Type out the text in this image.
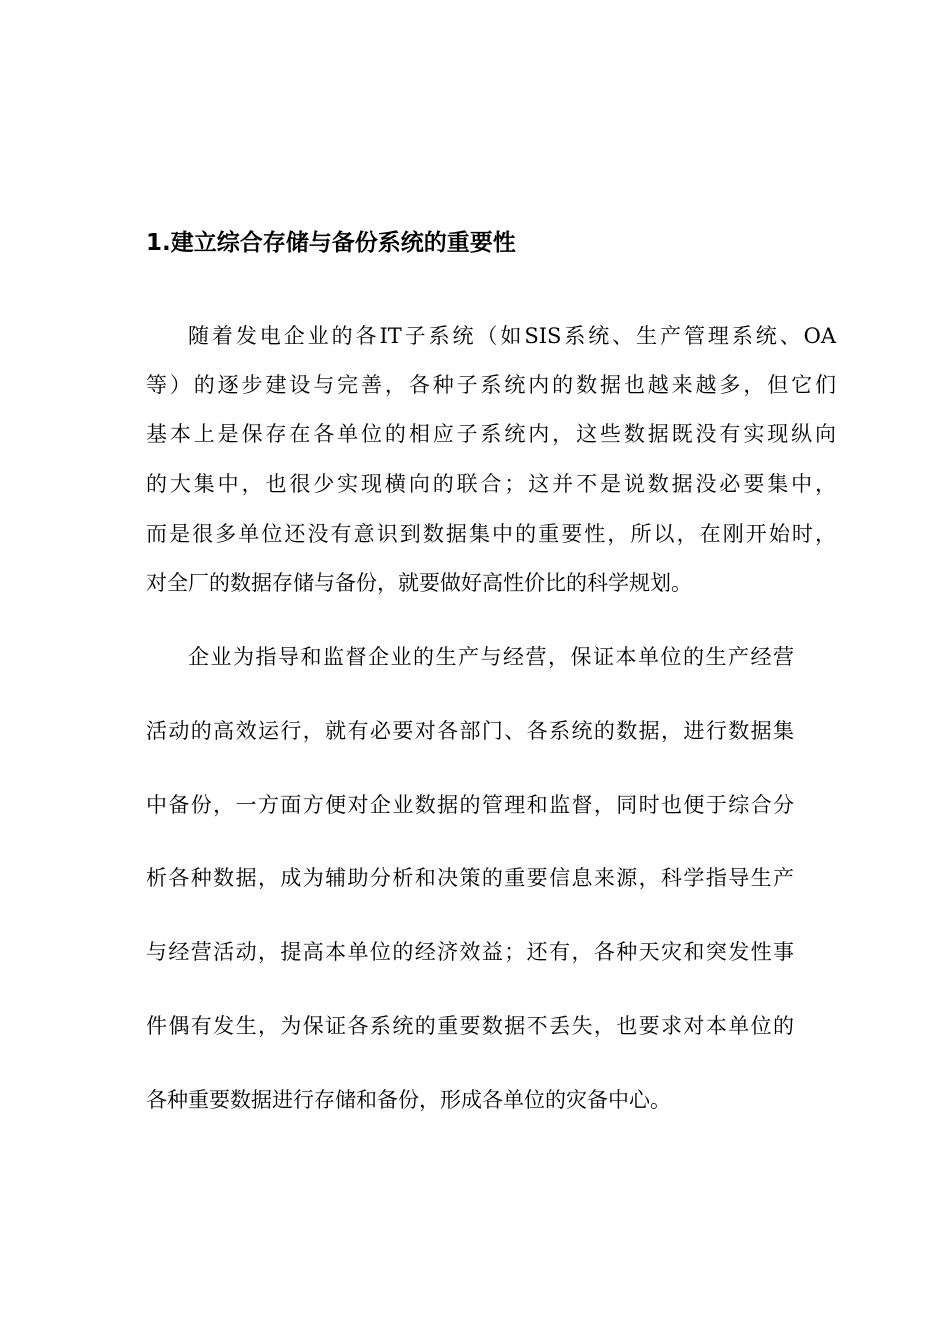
1.建立综合存储与备份系统的重要性
随着发电企业的各IT子系统（如SIS系统、生产管理系统、OA
等）的逐步建设与完善，各种子系统内的数据也越来越多，但它们
基本上是保存在各单位的相应子系统内，这些数据既没有实现纵向
的大集中，也很少实现横向的联合；这并不是说数据没必要集中，
而是很多单位还没有意识到数据集中的重要性，所以，在刚开始时，
对全厂的数据存储与备份，就要做好高性价比的科学规划。
企业为指导和监督企业的生产与经营，保证本单位的生产经营
活动的高效运行，就有必要对各部门、各系统的数据，进行数据集
中备份，一方面方便对企业数据的管理和监督，同时也便于综合分
析各种数据，成为辅助分析和决策的重要信息来源，科学指导生产
与经营活动，提高本单位的经济效益；还有，各种天灾和突发性事
件偶有发生，为保证各系统的重要数据不丢失，也要求对本单位的
各种重要数据进行存储和备份，形成各单位的灾备中心。
